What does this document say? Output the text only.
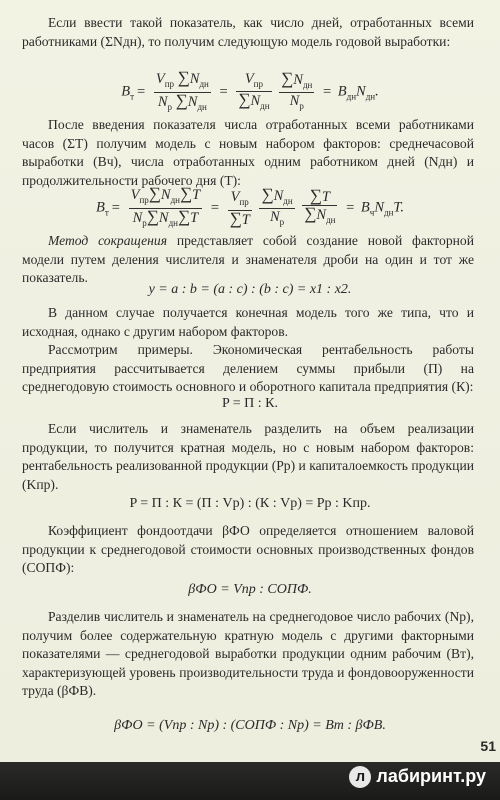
Если ввести такой показатель, как число дней, отработанных всеми работниками (ΣNдн), то получим следующую модель годовой выработки:

$B_т = \frac{V_{пр} \sum N_{дн}}{N_р \sum N_{дн}} = \frac{V_{пр}}{\sum N_{дн}}$
$\frac{\sum N_{дн}}{N_р} = B_{дн}N_{дн}$.

После введения показателя числа отработанных всеми работниками часов (ΣT) получим модель с новым набором факторов: среднечасовой выработки (Bч), числа отработанных одним работником дней (Nдн) и продолжительности рабочего дня (T):

$B_т = \frac{V_{пр}\sum N_{дн}\sum T}{N_р\sum N_{дн}\sum T} = \frac{V_{пр}}{\sum T}$
$\frac{\sum N_{дн}}{N_р}$
$\frac{\sum T}{\sum N_{дн}} = B_чN_{дн}T$.

Метод сокращения представляет собой создание новой факторной модели путем деления числителя и знаменателя дроби на один и тот же показатель.

y = a : b = (a : c) : (b : c) = x1 : x2.

В данном случае получается конечная модель того же типа, что и исходная, однако с другим набором факторов.

Рассмотрим примеры. Экономическая рентабельность работы предприятия рассчитывается делением суммы прибыли (П) на среднегодовую стоимость основного и оборотного капитала предприятия (К):

P = П : К.

Если числитель и знаменатель разделить на объем реализации продукции, то получится кратная модель, но с новым набором факторов: рентабельность реализованной продукции (Pр) и капиталоемкость продукции (Kпр).

P = П : К = (П : Vр) : (К : Vр) = Pр : Kпр.

Коэффициент фондоотдачи βФО определяется отношением валовой продукции к среднегодовой стоимости основных производственных фондов (CОПФ):

βФО = Vпр : CОПФ.

Разделив числитель и знаменатель на среднегодовое число рабочих (Nр), получим более содержательную кратную модель с другими факторными показателями — среднегодовой выработки продукции одним рабочим (Bт), характеризующей уровень производительности труда и фондовооруженности труда (βФВ).

βФО = (Vпр : Nр) : (CОПФ : Nр) = Bт : βФВ.
51
л лабиринт.ру
